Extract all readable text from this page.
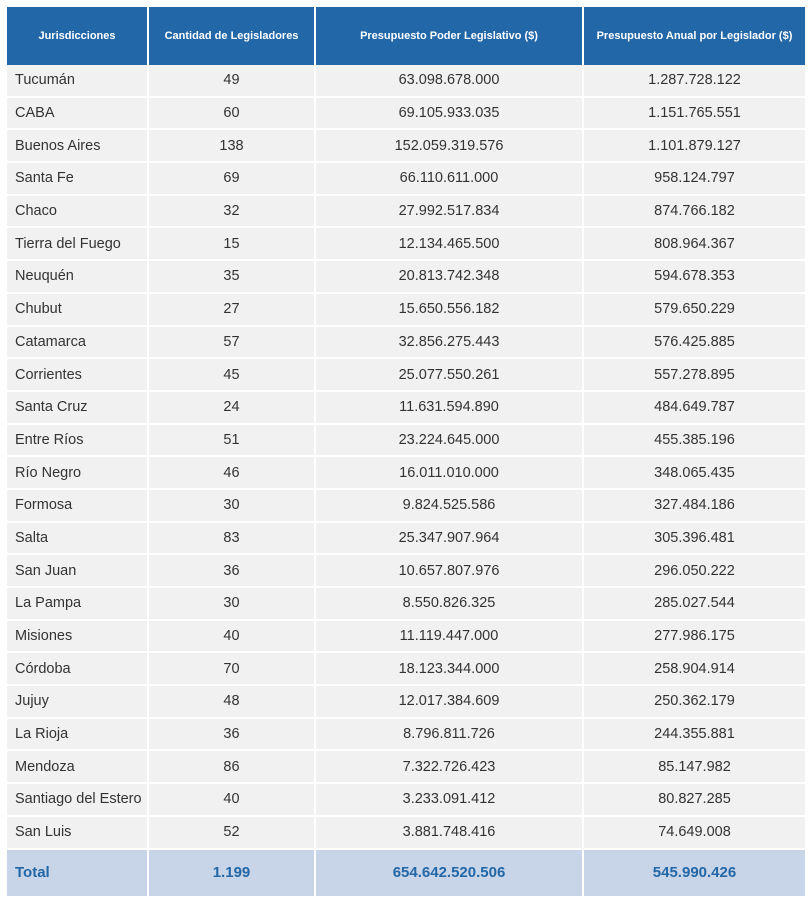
Jurisdicciones	Cantidad de Legisladores	Presupuesto Poder Legislativo ($)	Presupuesto Anual por Legislador ($)
Tucumán	49	63.098.678.000	1.287.728.122
CABA	60	69.105.933.035	1.151.765.551
Buenos Aires	138	152.059.319.576	1.101.879.127
Santa Fe	69	66.110.611.000	958.124.797
Chaco	32	27.992.517.834	874.766.182
Tierra del Fuego	15	12.134.465.500	808.964.367
Neuquén	35	20.813.742.348	594.678.353
Chubut	27	15.650.556.182	579.650.229
Catamarca	57	32.856.275.443	576.425.885
Corrientes	45	25.077.550.261	557.278.895
Santa Cruz	24	11.631.594.890	484.649.787
Entre Ríos	51	23.224.645.000	455.385.196
Río Negro	46	16.011.010.000	348.065.435
Formosa	30	9.824.525.586	327.484.186
Salta	83	25.347.907.964	305.396.481
San Juan	36	10.657.807.976	296.050.222
La Pampa	30	8.550.826.325	285.027.544
Misiones	40	11.119.447.000	277.986.175
Córdoba	70	18.123.344.000	258.904.914
Jujuy	48	12.017.384.609	250.362.179
La Rioja	36	8.796.811.726	244.355.881
Mendoza	86	7.322.726.423	85.147.982
Santiago del Estero	40	3.233.091.412	80.827.285
San Luis	52	3.881.748.416	74.649.008
Total	1.199	654.642.520.506	545.990.426
